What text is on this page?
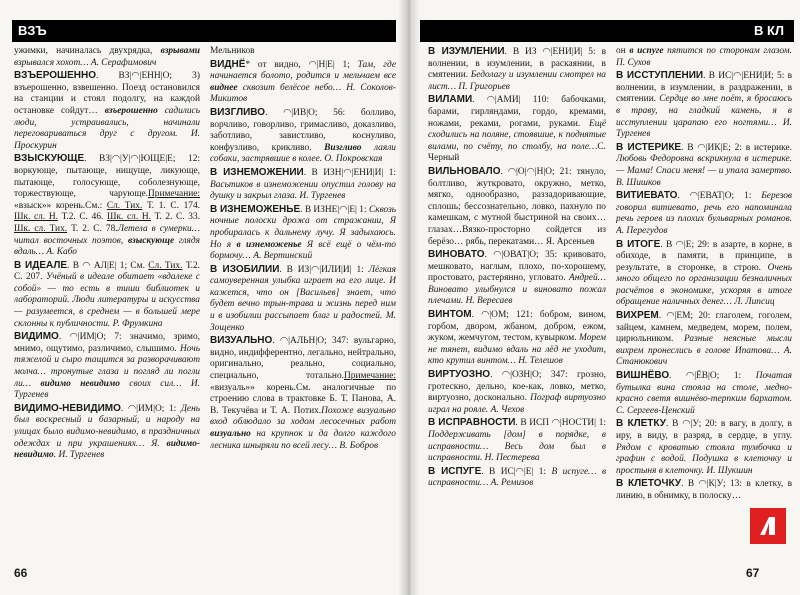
ВЗЪ	В КЛ

ужимки, начиналась двухрядка, взрывами взрывался хохот… А. Серафимович

ВЗЪЕРОШЕННО. ВЗ|◠|ЕНН|О; 3) взъерошенно, взвешенно. Поезд остановился на станции и стоял подолгу, на каждой остановке сойдут… взъерошенно садились люди, устраивались, начинали переговариваться друг с другом. И. Проскурин

ВЗЫСКУЮЩЕ. ВЗ|◠|У|◠|ЮЩЕ|Е; 12: воркующе, пытающе, нищуще, ликующе, пытающе, голосующе, соболезнующе, торжествующе, чарующе.Примечание: «взыск»» корень.См.: Сл. Тих. Т. 1. С. 174. Шк. сл. Н. Т.2. С. 46. Шк. сл. Н. Т. 2. С. 33. Шк. сл. Тих. Т. 2. С. 78.Летела в сумерки… читал восточных поэтов, взыскующе глядя вдаль… А. Кабо

В ИДЕАЛЕ. В ◠ АЛ|Е| 1; См. Сл. Тих. Т.2. С. 207. Учёный в идеале обитает «вдалеке с собой» — то есть в тиши библиотек и лабораторий. Люди литературы и искусства — разумеется, в среднем — в большей мере склонны к публичности. Р. Фрумкина

ВИДИМО. ◠|ИМ|О; 7: значимо, зримо, мнимо, ощутимо, различимо, слышимо. Ночь тяжелой и сыро тащится за разворачивают молча… тронутые глаза и погляд ли погли ли… видимо невидимо своих сил… И. Тургенев

ВИДИМО-НЕВИДИМО. ◠|ИМ|О; 1: День был воскресный и базарный, и народу на улицах было видимо-невидимо, в праздничных одеждах и при украшениях… Я. видимо-невидимо. И. Тургенев

Мельников

ВИДНЁ* от видно, ◠|Н|Е| 1; Там, где начинается болото, родится и мельчаем все виднее сквозит белёсое небо… Н. Соколов-Микитов

ВИЗГЛИВО. ◠|ИВ|О; 56: болливо, ворчливо, говорливо, гримасливо, доказливо, заботливо, завистливо, коснуливо, конфузливо, крикливо. Визгливо лаяли собаки, застрявшие в колее. О. Покровская

В ИЗНЕМОЖЕНИИ. В ИЗН|◠|ЕНИ|И| 1: Васьтиков в изнеможении опустил голову на душку и закрыл глаза. И. Тургенев

В ИЗНЕМОЖЕНЬЕ. В ИЗНЕ|◠|Е| 1: Сквозь ночные полоски дрожа от стражании, Я пробиралась к дальнему лучу. Я задыхаюсь. Но я в изнеможенье Я всё ещё о чём-то бормочу… А. Вертинский

В ИЗОБИЛИИ. В ИЗ|◠|ИЛИ|И| 1: Лёгкая самоуверенная улыбка играет на его лице. И кажется, что он [Васильев] знает, что будет вечно трын-трава и жизнь перед ним и в изобилии рассыпает благ и радостей. М. Зощенко

ВИЗУАЛЬНО. ◠|АЛЬН|О; 347: вульгарно, видно, индифферентно, легально, нейтрально, оригинально, реально, социально, специально, тотально.Примечание: «визуаль»» корень.См. аналогичные по строению слова в трактовке Б. Т. Панова, А. В. Текучёва и Т. А. Потих.Похоже визуально вход облюдало за ходом лесосечных работ визуально на крупнок и да долго каждого лесника шныряли по всей лесу… В. Бобров

В ИЗУМЛЕНИИ. В ИЗ ◠|ЕНИ|И| 5: в волнении, в изумлении, в раскаянии, в смятении. Бедолагу и изумлении смотрел на лист… П. Григорьев

ВИЛАМИ. ◠|АМИ| 110: бабочками, барами, гирляндами, гордо, кремами, ножами, реками, рогами, руками. Ещё сходились на поляне, стоявшие, к поднятые вилами, по счёту, по столбу, на поле…С. Черный

ВИЛЬНОВАЛО. ◠|О|◠|Н|О; 21: тянуло, болтливо, жуткровато, окружно, метко, мягко, однообразно, раззадоривающие, сплошь; бессознательно, ловко, пахнуло по камешкам, с мутной быстриной на своих… глазах…Вязко-просторно сойдется из берёзо… рябь, перекатами… Я. Арсеньев

ВИНОВАТО. ◠|ОВАТ|О; 35: кривовато, мешковато, наглым, плохо, по-хорошему, простовато, растерянно, угловато. Андрей… Виновато улыбнулся и виновато пожал плечами. Н. Вересаев

ВИНТОМ. ◠|ОМ; 121: бобром, вином, горбом, двором, жбаном, добром, ежом, жуком, жемчугом, тестом, кувырком. Морем не тянет, видимо вдаль на лёд не уходит, кто крутил винтом… Н. Телешов

ВИРТУОЗНО. ◠|ОЗН|О; 347: грозно, гротескно, дельно, кое-как, ловко, метко, виртуозно, досконально. Пограф виртуозно играл на рояле. А. Чехов

В ИСПРАВНОСТИ. В ИСП ◠|НОСТИ| 1: Поддерживать [дом] в порядке, в исправности… Весь дом был в исправности. Н. Пестерева

В ИСПУГЕ. В ИС|◠|Е| 1: В испуге… в исправности… А. Ремизов

он в испуге пятится по сторонам глазом. П. Сухов

В ИССТУПЛЕНИИ. В ИС|◠|ЕНИ|И; 5: в волнении, в изумлении, в раздражении, в смятении. Сердце во мне поёт, я бросаюсь в траву, на гладкий камень, я в исступлении царапаю его ногтями… И. Тургенев

В ИСТЕРИКЕ. В ◠|ИК|Е; 2: в истерике. Любовь Федоровна вскрикнула в истерике.— Мама! Спаси меня! — и упала замертво. В. Шишков

ВИТИЕВАТО. ◠|ЕВАТ|О; 1: Березов говорил витиевато, речь его напоминала речь героев из плохих бульварных романов. А. Перегудов

В ИТОГЕ. В ◠|Е; 29: в азарте, в корне, в обиходе, в памяти, в принципе, в результате, в сторонке, в строю. Очень много общего по организации безналичных расчётов в экономике, ускоряя в итоге обращение наличных денег… Л. Липсиц

ВИХРЕМ. ◠|ЕМ; 20: глаголем, гоголем, зайцем, камнем, медведем, морем, полем, цирюльником. Разные неясные мысли вихрем пронеслись в голове Ипатова… А. Станюкович

ВИШНЁВО. ◠|ЁВ|О; 1: Початая бутылка вина стояла на столе, медно-красно светя вишнёво-терпким бархатом. С. Сергеев-Ценский

В КЛЕТКУ. В ◠|У; 20: в вагу, в долгу, в иру, в виду, в разряд, в сердце, в углу. Рядом с кроватью стояла тумбочка и графин с водой. Подушка в клеточку и простыня в клеточку. И. Шукшин

В КЛЕТОЧКУ. В ◠|К|У; 13: в клетку, в линию, в обнимку, в полоску…

66	67
